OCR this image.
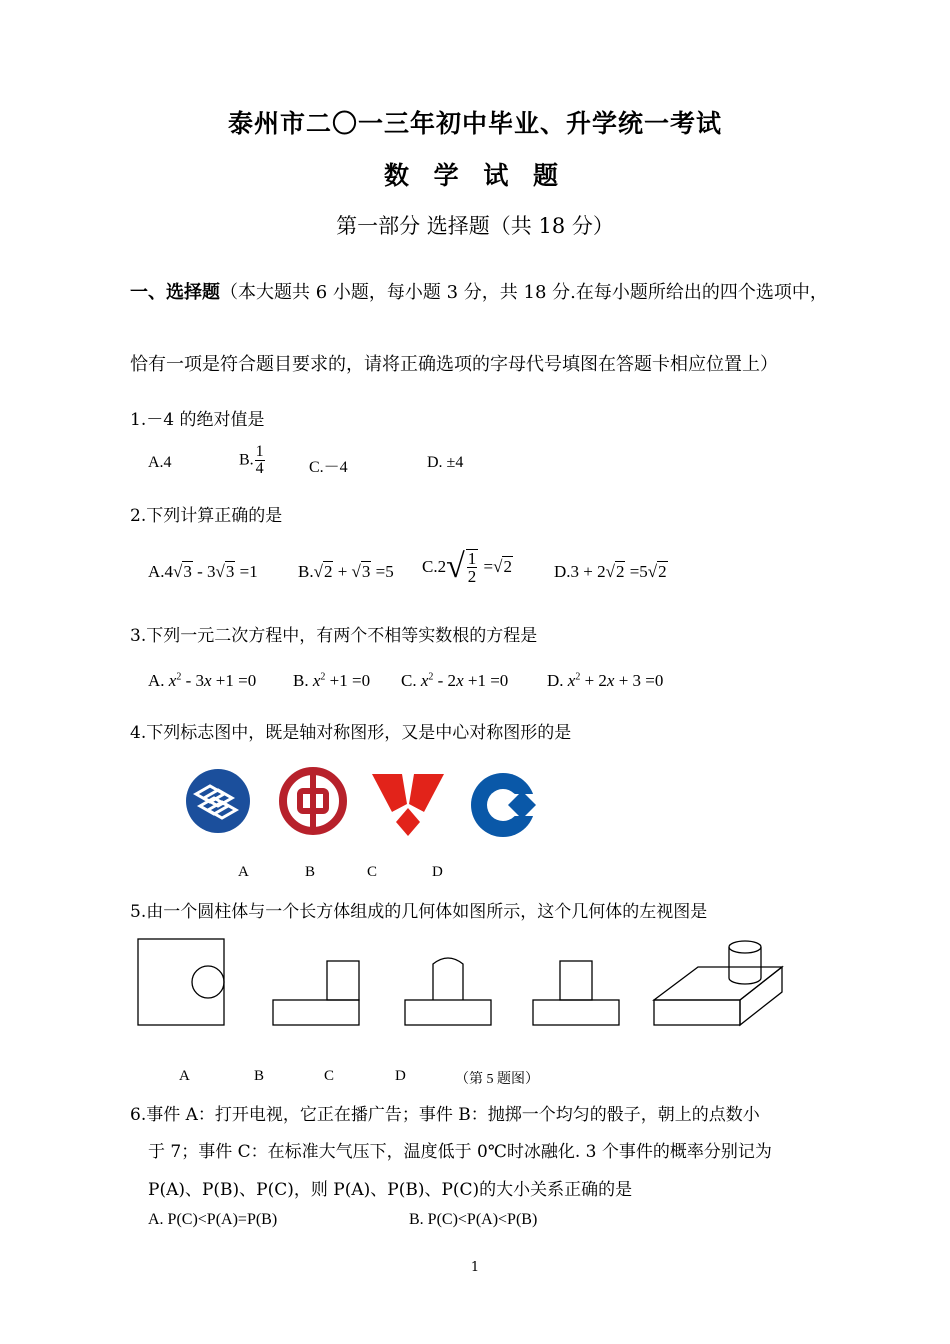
泰州市二〇一三年初中毕业、升学统一考试
数 学 试 题
第一部分 选择题（共 18 分）
一、选择题（本大题共 6 小题，每小题 3 分，共 18 分.在每小题所给出的四个选项中，
恰有一项是符合题目要求的，请将正确选项的字母代号填图在答题卡相应位置上）
1.－4 的绝对值是
A.4	B. $\frac{1}{4}$	C.－4	D. ±4
2.下列计算正确的是
A.4√3 - 3√3 =1 B.√2 + √3 =5 $C.2√ \frac{1}{2} =√2$ D.3 + 2√2 =5√2
3.下列一元二次方程中，有两个不相等实数根的方程是
A. $x^2 - 3x +1 =0$ B. $x^2 +1 =0$ C. $x^2 - 2x +1 =0$ D. $x^2 + 2x + 3 =0$
4.下列标志图中，既是轴对称图形，又是中心对称图形的是
A	B	C	D
5.由一个圆柱体与一个长方体组成的几何体如图所示，这个几何体的左视图是
A	B	C	D	（第 5 题图）
6.事件 A：打开电视，它正在播广告；事件 B：抛掷一个均匀的骰子，朝上的点数小
于 7；事件 C：在标准大气压下，温度低于 0℃时冰融化. 3 个事件的概率分别记为
P(A)、P(B)、P(C)，则 P(A)、P(B)、P(C)的大小关系正确的是
A. P(C)<P(A)=P(B)	B. P(C)<P(A)<P(B)
1
